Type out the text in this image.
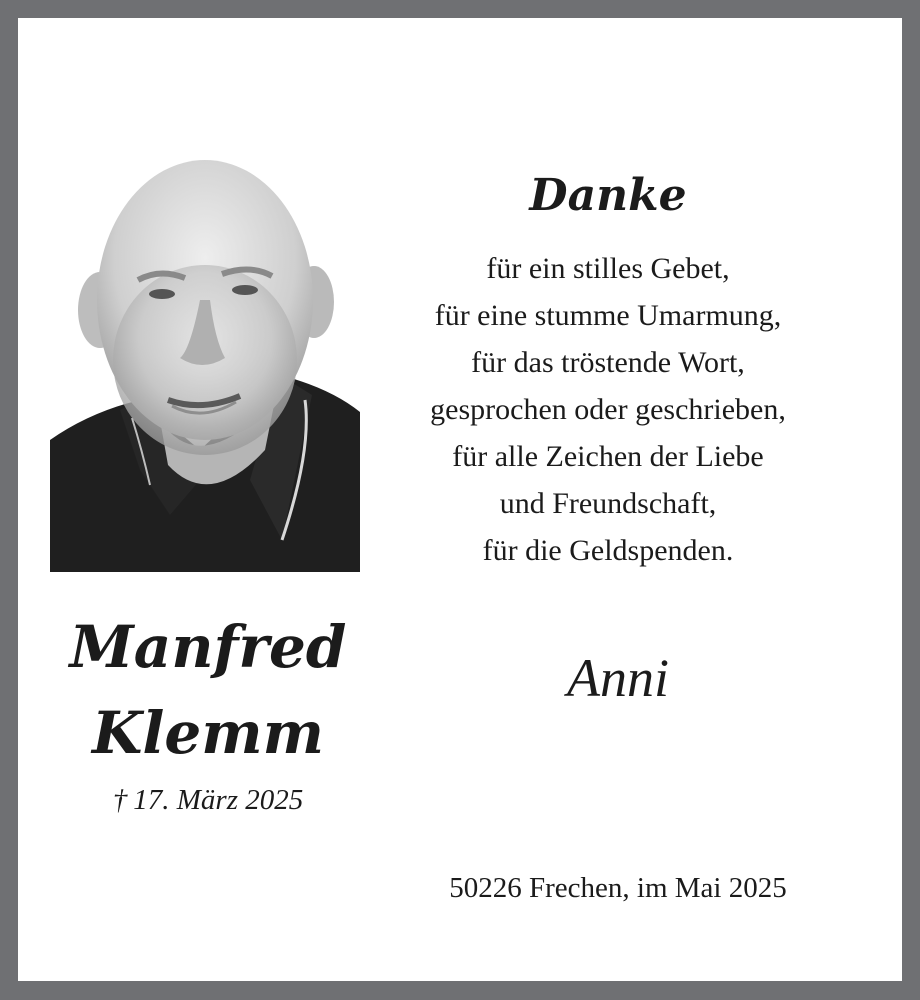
Danke
für ein stilles Gebet,
für eine stumme Umarmung,
für das tröstende Wort,
gesprochen oder geschrieben,
für alle Zeichen der Liebe
und Freundschaft,
für die Geldspenden.
Manfred
Klemm
† 17. März 2025
Anni
50226 Frechen, im Mai 2025
